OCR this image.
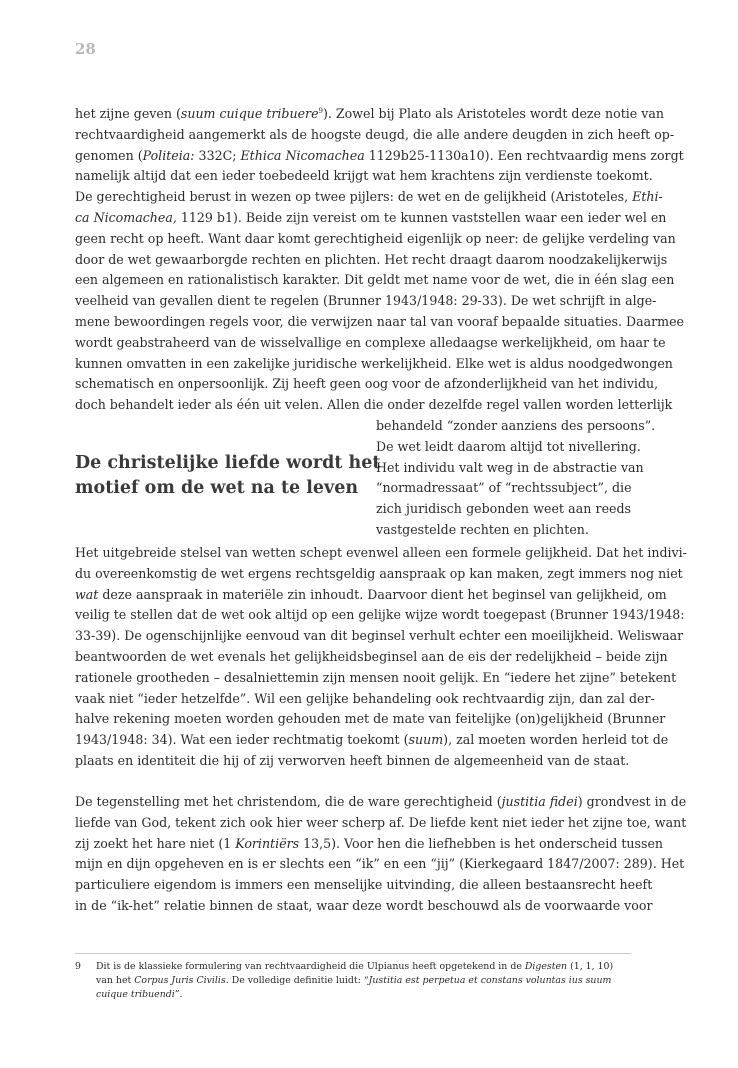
28
het zijne geven (suum cuique tribuere$^9$). Zowel bij Plato als Aristoteles wordt deze notie van
rechtvaardigheid aangemerkt als de hoogste deugd, die alle andere deugden in zich heeft op-
genomen (Politeia: 332C; Ethica Nicomachea 1129b25-1130a10). Een rechtvaardig mens zorgt
namelijk altijd dat een ieder toebedeeld krijgt wat hem krachtens zijn verdienste toekomt.
De gerechtigheid berust in wezen op twee pijlers: de wet en de gelijkheid (Aristoteles, Ethi-
ca Nicomachea, 1129 b1). Beide zijn vereist om te kunnen vaststellen waar een ieder wel en
geen recht op heeft. Want daar komt gerechtigheid eigenlijk op neer: de gelijke verdeling van
door de wet gewaarborgde rechten en plichten. Het recht draagt daarom noodzakelijkerwijs
een algemeen en rationalistisch karakter. Dit geldt met name voor de wet, die in één slag een
veelheid van gevallen dient te regelen (Brunner 1943/1948: 29-33). De wet schrijft in alge-
mene bewoordingen regels voor, die verwijzen naar tal van vooraf bepaalde situaties. Daarmee
wordt geabstraheerd van de wisselvallige en complexe alledaagse werkelijkheid, om haar te
kunnen omvatten in een zakelijke juridische werkelijkheid. Elke wet is aldus noodgedwongen
schematisch en onpersoonlijk. Zij heeft geen oog voor de afzonderlijkheid van het individu,
doch behandelt ieder als één uit velen. Allen die onder dezelfde regel vallen worden letterlijk
De christelijke liefde wordt het
motief om de wet na te leven
behandeld “zonder aanziens des persoons”.
De wet leidt daarom altijd tot nivellering.
Het individu valt weg in de abstractie van
“normadressaat” of “rechtssubject”, die
zich juridisch gebonden weet aan reeds
vastgestelde rechten en plichten.
Het uitgebreide stelsel van wetten schept evenwel alleen een formele gelijkheid. Dat het indivi-
du overeenkomstig de wet ergens rechtsgeldig aanspraak op kan maken, zegt immers nog niet
wat deze aanspraak in materiële zin inhoudt. Daarvoor dient het beginsel van gelijkheid, om
veilig te stellen dat de wet ook altijd op een gelijke wijze wordt toegepast (Brunner 1943/1948:
33-39). De ogenschijnlijke eenvoud van dit beginsel verhult echter een moeilijkheid. Weliswaar
beantwoorden de wet evenals het gelijkheidsbeginsel aan de eis der redelijkheid – beide zijn
rationele grootheden – desalniettemin zijn mensen nooit gelijk. En “iedere het zijne” betekent
vaak niet “ieder hetzelfde”. Wil een gelijke behandeling ook rechtvaardig zijn, dan zal der-
halve rekening moeten worden gehouden met de mate van feitelijke (on)gelijkheid (Brunner
1943/1948: 34). Wat een ieder rechtmatig toekomt (suum), zal moeten worden herleid tot de
plaats en identiteit die hij of zij verworven heeft binnen de algemeenheid van de staat.
De tegenstelling met het christendom, die de ware gerechtigheid (justitia fidei) grondvest in de
liefde van God, tekent zich ook hier weer scherp af. De liefde kent niet ieder het zijne toe, want
zij zoekt het hare niet (1 Korintiërs 13,5). Voor hen die liefhebben is het onderscheid tussen
mijn en dijn opgeheven en is er slechts een “ik” en een “jij” (Kierkegaard 1847/2007: 289). Het
particuliere eigendom is immers een menselijke uitvinding, die alleen bestaansrecht heeft
in de “ik-het” relatie binnen de staat, waar deze wordt beschouwd als de voorwaarde voor
9 Dit is de klassieke formulering van rechtvaardigheid die Ulpianus heeft opgetekend in de Digesten (1, 1, 10)
van het Corpus Juris Civilis. De volledige definitie luidt: “Justitia est perpetua et constans voluntas ius suum
cuique tribuendi”.
